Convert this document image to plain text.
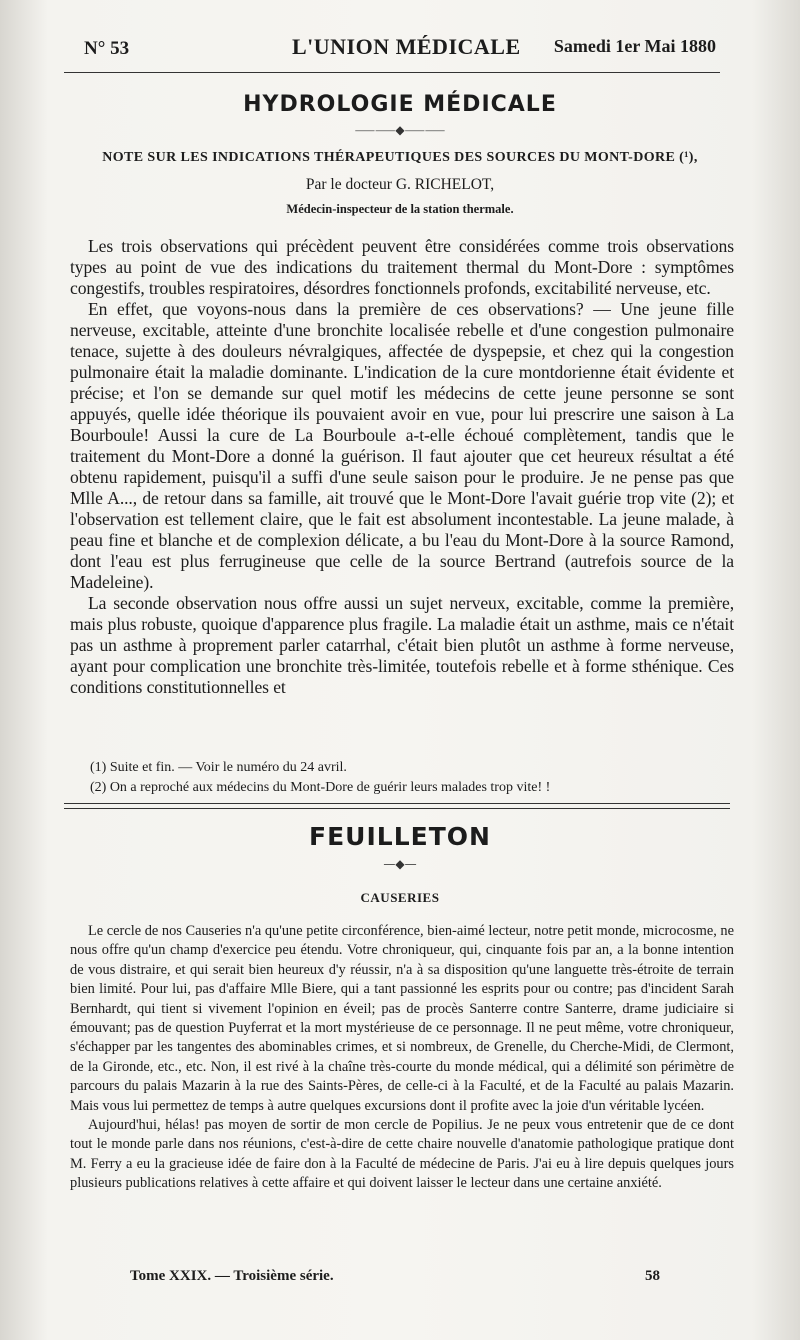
N° 53	L'UNION MÉDICALE Samedi 1er Mai 1880
HYDROLOGIE MÉDICALE
⸺⸺◆⸺⸺
NOTE SUR LES INDICATIONS THÉRAPEUTIQUES DES SOURCES DU MONT-DORE (¹),
Par le docteur G. RICHELOT,
Médecin-inspecteur de la station thermale.

Les trois observations qui précèdent peuvent être considérées comme trois observations types au point de vue des indications du traitement thermal du Mont-Dore : symptômes congestifs, troubles respiratoires, désordres fonctionnels profonds, excitabilité nerveuse, etc.

En effet, que voyons-nous dans la première de ces observations? — Une jeune fille nerveuse, excitable, atteinte d'une bronchite localisée rebelle et d'une congestion pulmonaire tenace, sujette à des douleurs névralgiques, affectée de dyspepsie, et chez qui la congestion pulmonaire était la maladie dominante. L'indication de la cure montdorienne était évidente et précise; et l'on se demande sur quel motif les médecins de cette jeune personne se sont appuyés, quelle idée théorique ils pouvaient avoir en vue, pour lui prescrire une saison à La Bourboule! Aussi la cure de La Bourboule a-t-elle échoué complètement, tandis que le traitement du Mont-Dore a donné la guérison. Il faut ajouter que cet heureux résultat a été obtenu rapidement, puisqu'il a suffi d'une seule saison pour le produire. Je ne pense pas que Mlle A..., de retour dans sa famille, ait trouvé que le Mont-Dore l'avait guérie trop vite (2); et l'observation est tellement claire, que le fait est absolument incontestable. La jeune malade, à peau fine et blanche et de complexion délicate, a bu l'eau du Mont-Dore à la source Ramond, dont l'eau est plus ferrugineuse que celle de la source Bertrand (autrefois source de la Madeleine).

La seconde observation nous offre aussi un sujet nerveux, excitable, comme la première, mais plus robuste, quoique d'apparence plus fragile. La maladie était un asthme, mais ce n'était pas un asthme à proprement parler catarrhal, c'était bien plutôt un asthme à forme nerveuse, ayant pour complication une bronchite très-limitée, toutefois rebelle et à forme sthénique. Ces conditions constitutionnelles et

(1) Suite et fin. — Voir le numéro du 24 avril.

(2) On a reproché aux médecins du Mont-Dore de guérir leurs malades trop vite! !

FEUILLETON
—◆—
CAUSERIES

Le cercle de nos Causeries n'a qu'une petite circonférence, bien-aimé lecteur, notre petit monde, microcosme, ne nous offre qu'un champ d'exercice peu étendu. Votre chroniqueur, qui, cinquante fois par an, a la bonne intention de vous distraire, et qui serait bien heureux d'y réussir, n'a à sa disposition qu'une languette très-étroite de terrain bien limité. Pour lui, pas d'affaire Mlle Biere, qui a tant passionné les esprits pour ou contre; pas d'incident Sarah Bernhardt, qui tient si vivement l'opinion en éveil; pas de procès Santerre contre Santerre, drame judiciaire si émouvant; pas de question Puyferrat et la mort mystérieuse de ce personnage. Il ne peut même, votre chroniqueur, s'échapper par les tangentes des abominables crimes, et si nombreux, de Grenelle, du Cherche-Midi, de Clermont, de la Gironde, etc., etc. Non, il est rivé à la chaîne très-courte du monde médical, qui a délimité son périmètre de parcours du palais Mazarin à la rue des Saints-Pères, de celle-ci à la Faculté, et de la Faculté au palais Mazarin. Mais vous lui permettez de temps à autre quelques excursions dont il profite avec la joie d'un véritable lycéen.

Aujourd'hui, hélas! pas moyen de sortir de mon cercle de Popilius. Je ne peux vous entretenir que de ce dont tout le monde parle dans nos réunions, c'est-à-dire de cette chaire nouvelle d'anatomie pathologique pratique dont M. Ferry a eu la gracieuse idée de faire don à la Faculté de médecine de Paris. J'ai eu à lire depuis quelques jours plusieurs publications relatives à cette affaire et qui doivent laisser le lecteur dans une certaine anxiété.

Tome XXIX. — Troisième série.	58
